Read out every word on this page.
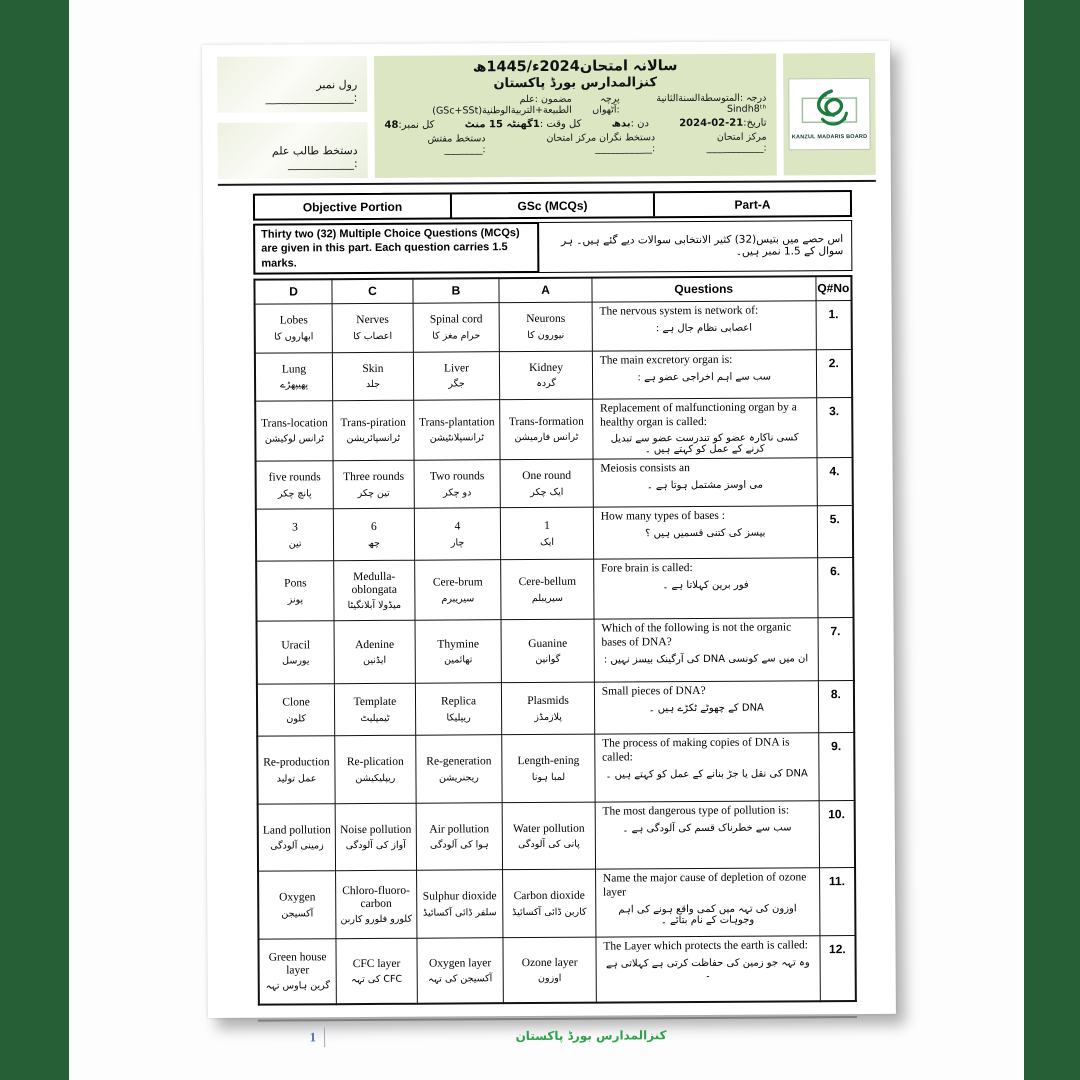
رول نمبر :________________
دستخط طالب علم :____________
سالانہ امتحان2024ء/1445ھ
کنزالمدارس بورڈ پاکستان
درجہ :المتوسطةالسنةالثانية Sindh8ᵗʰ
پرچہ :آٹھواں
مضمون :علم الطبیعة+التربیةالوطنیة(GSc+SSt)
تاریخ:21-02-2024
دن :بدھ
کل وقت :1گھنٹہ 15 منٹ
کل نمبر:48
مرکز امتحان :____________
دستخط نگران مرکز امتحان :____________
دستخط مفتش :________
KANZUL MADARIS BOARD
Objective Portion	GSc (MCQs)	Part-A
Thirty two (32) Multiple Choice Questions (MCQs) are given in this part. Each question carries 1.5 marks.
اس حصے میں بتیس(32) کثیر الانتخابی سوالات دیے گئے ہیں۔ ہر سوال کے 1.5 نمبر ہیں۔
D	C	B	A	Questions	Q#No

Lobes
ابھاروں کا

Nerves
اعصاب کا

Spinal cord
حرام مغز کا

Neurons
نیورون کا

The nervous system is network of:
اعصابی نظام جال ہے :
	1.

Lung
پھیپھڑے

Skin
جلد

Liver
جگر

Kidney
گردہ

The main excretory organ is:
سب سے اہم اخراجی عضو ہے :
	2.

Trans-location
ٹرانس لوکیشن

Trans-piration
ٹرانسپائریشن

Trans-plantation
ٹرانسپلانٹیشن

Trans-formation
ٹرانس فارمیشن

Replacement of malfunctioning organ by a healthy organ is called:
کسی ناکارہ عضو کو تندرست عضو سے تبدیل کرنے کے عمل کو کہتے ہیں ۔
	3.

five rounds
پانچ چکر

Three rounds
تین چکر

Two rounds
دو چکر

One round
ایک چکر

Meiosis consists an
می اوسز مشتمل ہوتا ہے ۔
	4.

3
تین

6
چھ

4
چار

1
ایک

How many types of bases :
بیسز کی کتنی قسمیں ہیں ؟
	5.

Pons
پونز

Medulla-oblongata
میڈولا آبلانگیٹا

Cere-brum
سیریبرم

Cere-bellum
سیریبلم

Fore brain is called:
فور برین کہلاتا ہے ۔
	6.

Uracil
یورسل

Adenine
ایڈنین

Thymine
تھائمین

Guanine
گوانین

Which of the following is not the organic bases of DNA?
ان میں سے کونسی DNA کی آرگینک بیسز نہیں :
	7.

Clone
کلون

Template
ٹیمپلیٹ

Replica
ریپلیکا

Plasmids
پلازمڈز

Small pieces of DNA?
DNA کے چھوٹے ٹکڑے ہیں ۔
	8.

Re-production
عمل تولید

Re-plication
ریپلیکیشن

Re-generation
ریجنریشن

Length-ening
لمبا ہونا

The process of making copies of DNA is called:
DNA کی نقل یا جڑ بنانے کے عمل کو کہتے ہیں ۔
	9.

Land pollution
زمینی آلودگی

Noise pollution
آواز کی آلودگی

Air pollution
ہوا کی آلودگی

Water pollution
پانی کی آلودگی

The most dangerous type of pollution is:
سب سے خطرناک قسم کی آلودگی ہے ۔
	10.

Oxygen
آکسیجن

Chloro-fluoro-carbon
کلورو فلورو کاربن

Sulphur dioxide
سلفر ڈائی آکسائیڈ

Carbon dioxide
کاربن ڈائی آکسائیڈ

Name the major cause of depletion of ozone layer
اوزون کی تہہ میں کمی واقع ہونے کی اہم وجوہات کے نام بتائے ۔
	11.

Green house layer
گرین ہاوس تہہ

CFC layer
CFC کی تہہ

Oxygen layer
آکسیجن کی تہہ

Ozone layer
اوزون

The Layer which protects the earth is called:
وہ تہہ جو زمین کی حفاظت کرتی ہے کہلاتی ہے ۔
	12.
1	کنزالمدارس بورڈ پاکستان
